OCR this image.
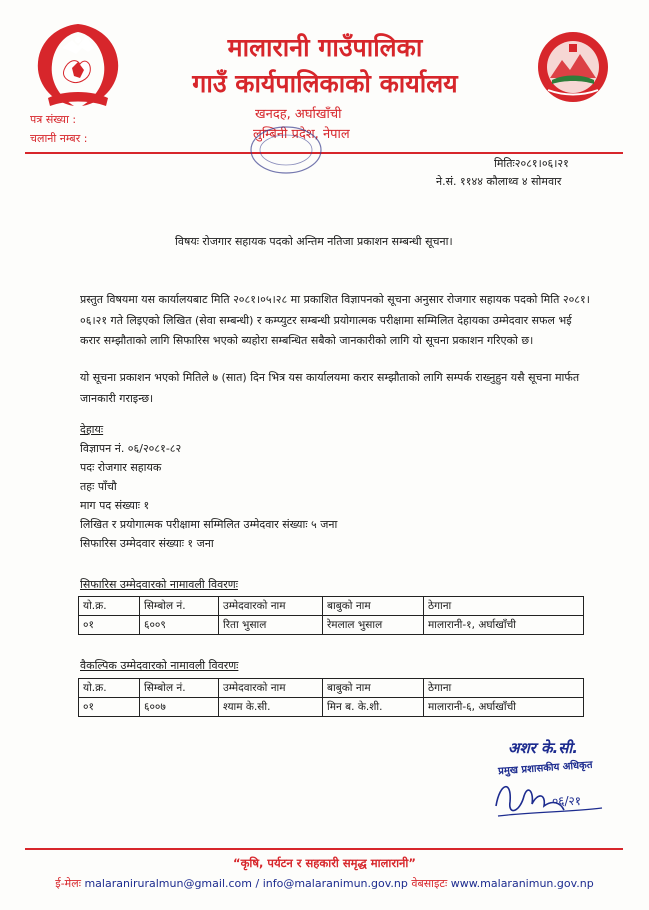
मालारानी गाउँपालिका
गाउँ कार्यपालिकाको कार्यालय
खनदह, अर्घाखाँची
लुम्बिनी प्रदेश, नेपाल
पत्र संख्या :
चलानी नम्बर :
मितिः२०८१।०६।२१
ने.सं. ११४४ कौलाथ्व ४ सोमवार
विषयः रोजगार सहायक पदको अन्तिम नतिजा प्रकाशन सम्बन्धी सूचना।
प्रस्तुत विषयमा यस कार्यालयबाट मिति २०८१।०५।२८ मा प्रकाशित विज्ञापनको सूचना अनुसार रोजगार सहायक पदको मिति २०८१।०६।२१ गते लिइएको लिखित (सेवा सम्बन्धी) र कम्प्युटर सम्बन्धी प्रयोगात्मक परीक्षामा सम्मिलित देहायका उम्मेदवार सफल भई करार सम्झौताको लागि सिफारिस भएको ब्यहोरा सम्बन्धित सबैको जानकारीको लागि यो सूचना प्रकाशन गरिएको छ।
यो सूचना प्रकाशन भएको मितिले ७ (सात) दिन भित्र यस कार्यालयमा करार सम्झौताको लागि सम्पर्क राख्नुहुन यसै सूचना मार्फत जानकारी गराइन्छ।
देहायः
विज्ञापन नं. ०६/२०८१-८२
पदः रोजगार सहायक
तहः पाँचौ
माग पद संख्याः १
लिखित र प्रयोगात्मक परीक्षामा सम्मिलित उम्मेदवार संख्याः ५ जना
सिफारिस उम्मेदवार संख्याः १ जना
सिफारिस उम्मेदवारको नामावली विवरणः
यो.क्र.	सिम्बोल नं.	उम्मेदवारको नाम	बाबुको नाम	ठेगाना
०१	६००९	रिता भुसाल	रेमलाल भुसाल	मालारानी-१, अर्घाखाँची
वैकल्पिक उम्मेदवारको नामावली विवरणः
यो.क्र.	सिम्बोल नं.	उम्मेदवारको नाम	बाबुको नाम	ठेगाना
०१	६००७	श्याम के.सी.	मिन ब. के.शी.	मालारानी-६, अर्घाखाँची
अशर के.सी.
प्रमुख प्रशासकीय अधिकृत
०६/२१
“कृषि, पर्यटन र सहकारी समृद्ध मालारानी”
ई-मेलः malaraniruralmun@gmail.com / info@malaranimun.gov.np वेबसाइटः www.malaranimun.gov.np
